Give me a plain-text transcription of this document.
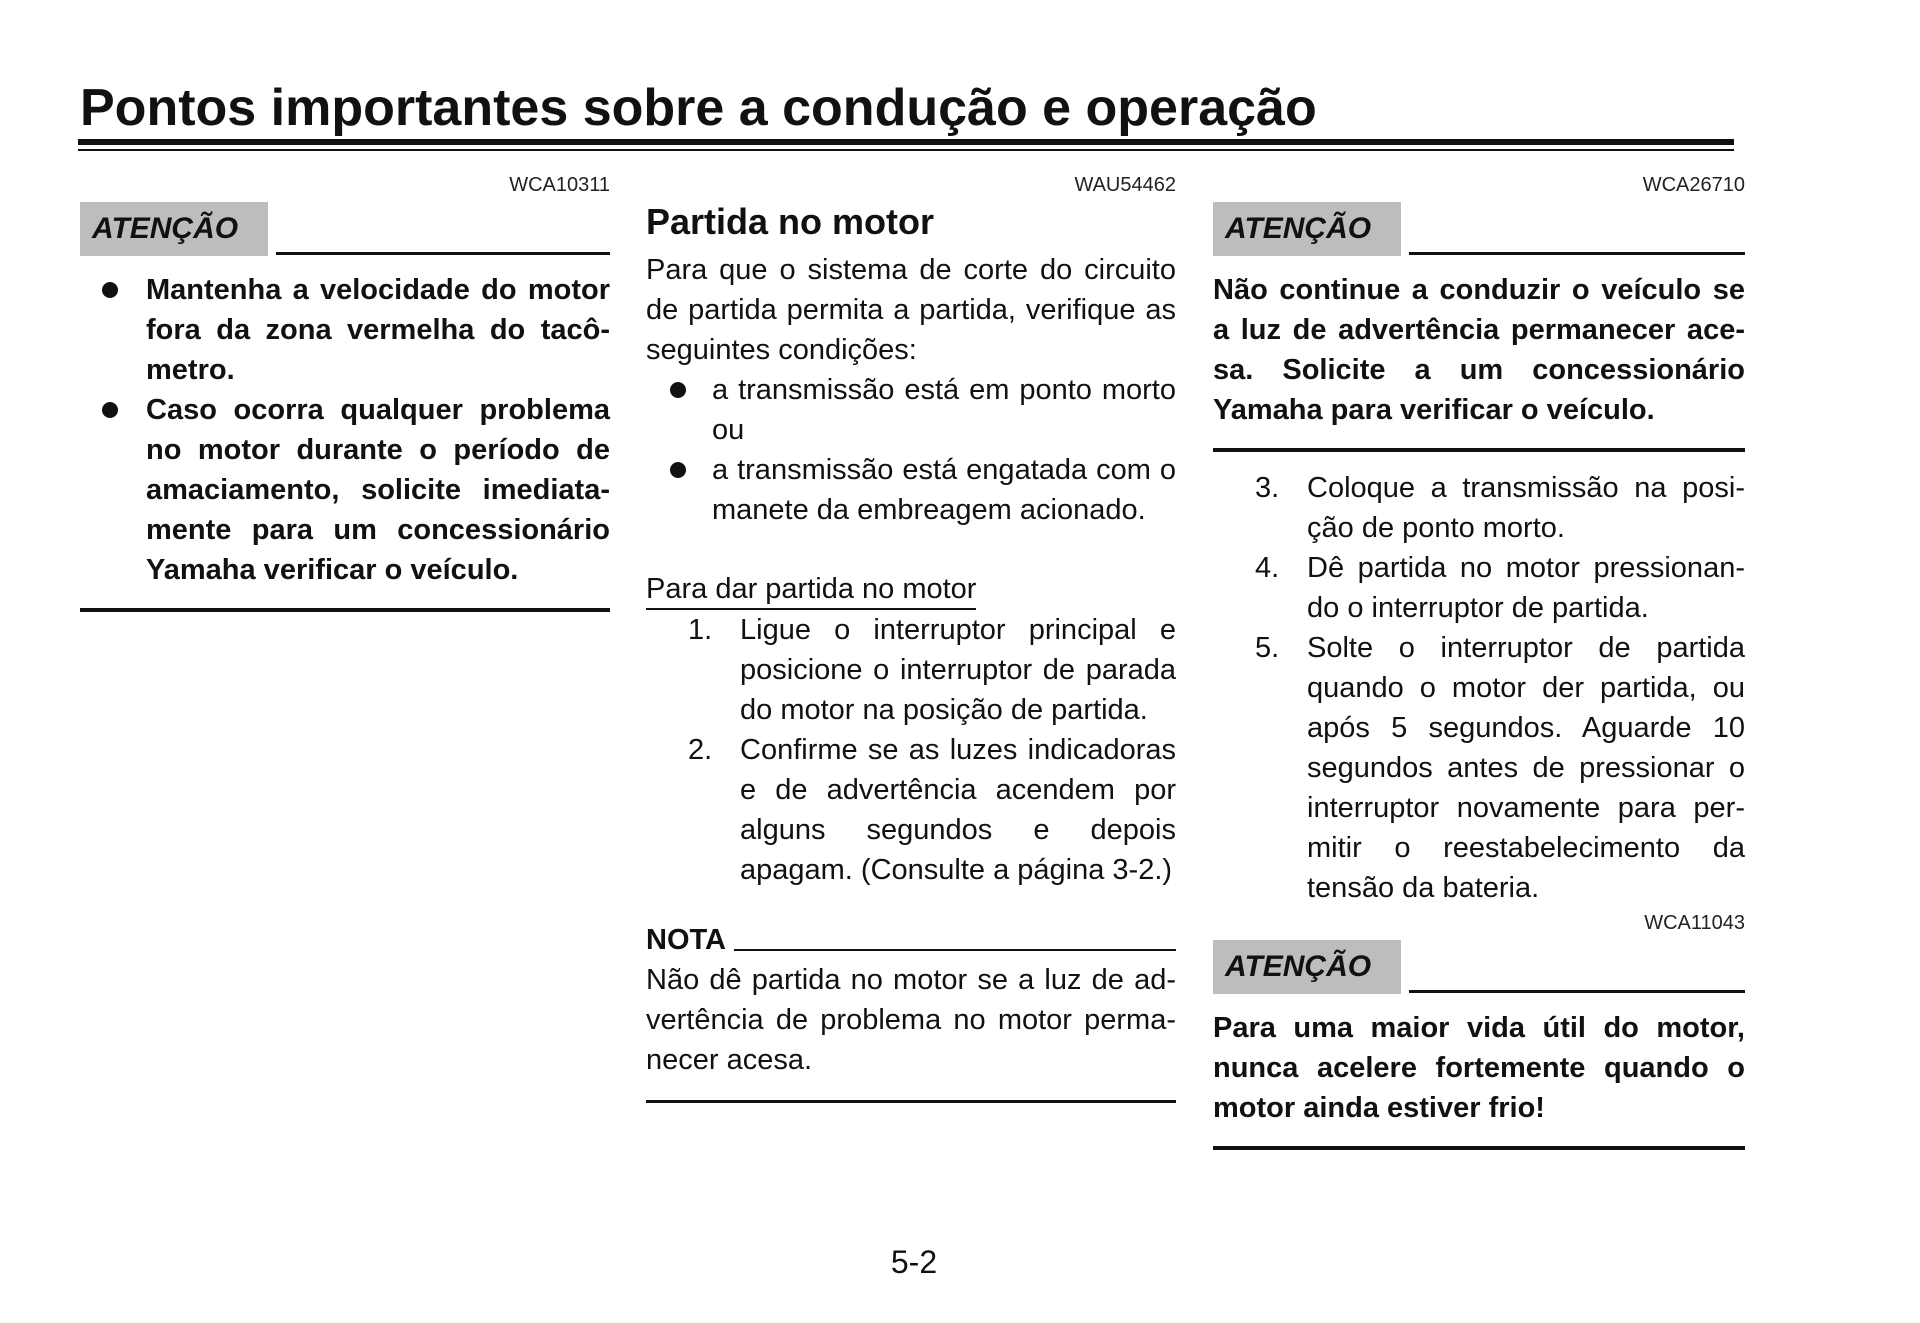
Pontos importantes sobre a condução e operação
WCA10311
ATENÇÃO
Mantenha a velocidade do motor fora da zona vermelha do tacômetro.
Caso ocorra qualquer problema no motor durante o período de amaciamento, solicite imediatamente para um concessionário Yamaha verificar o veículo.
WAU54462
Partida no motor
Para que o sistema de corte do circuito de partida permita a partida, verifique as seguintes condições:
a transmissão está em ponto morto ou
a transmissão está engatada com o manete da embreagem acionado.
Para dar partida no motor
1. Ligue o interruptor principal e posicione o interruptor de parada do motor na posição de partida.
2. Confirme se as luzes indicadoras e de advertência acendem por alguns segundos e depois apagam. (Consulte a página 3-2.)
NOTA
Não dê partida no motor se a luz de advertência de problema no motor permanecer acesa.
WCA26710
ATENÇÃO
Não continue a conduzir o veículo se a luz de advertência permanecer acesa. Solicite a um concessionário Yamaha para verificar o veículo.
3. Coloque a transmissão na posição de ponto morto.
4. Dê partida no motor pressionando o interruptor de partida.
5. Solte o interruptor de partida quando o motor der partida, ou após 5 segundos. Aguarde 10 segundos antes de pressionar o interruptor novamente para permitir o reestabelecimento da tensão da bateria.
WCA11043
ATENÇÃO
Para uma maior vida útil do motor, nunca acelere fortemente quando o motor ainda estiver frio!
5-2
